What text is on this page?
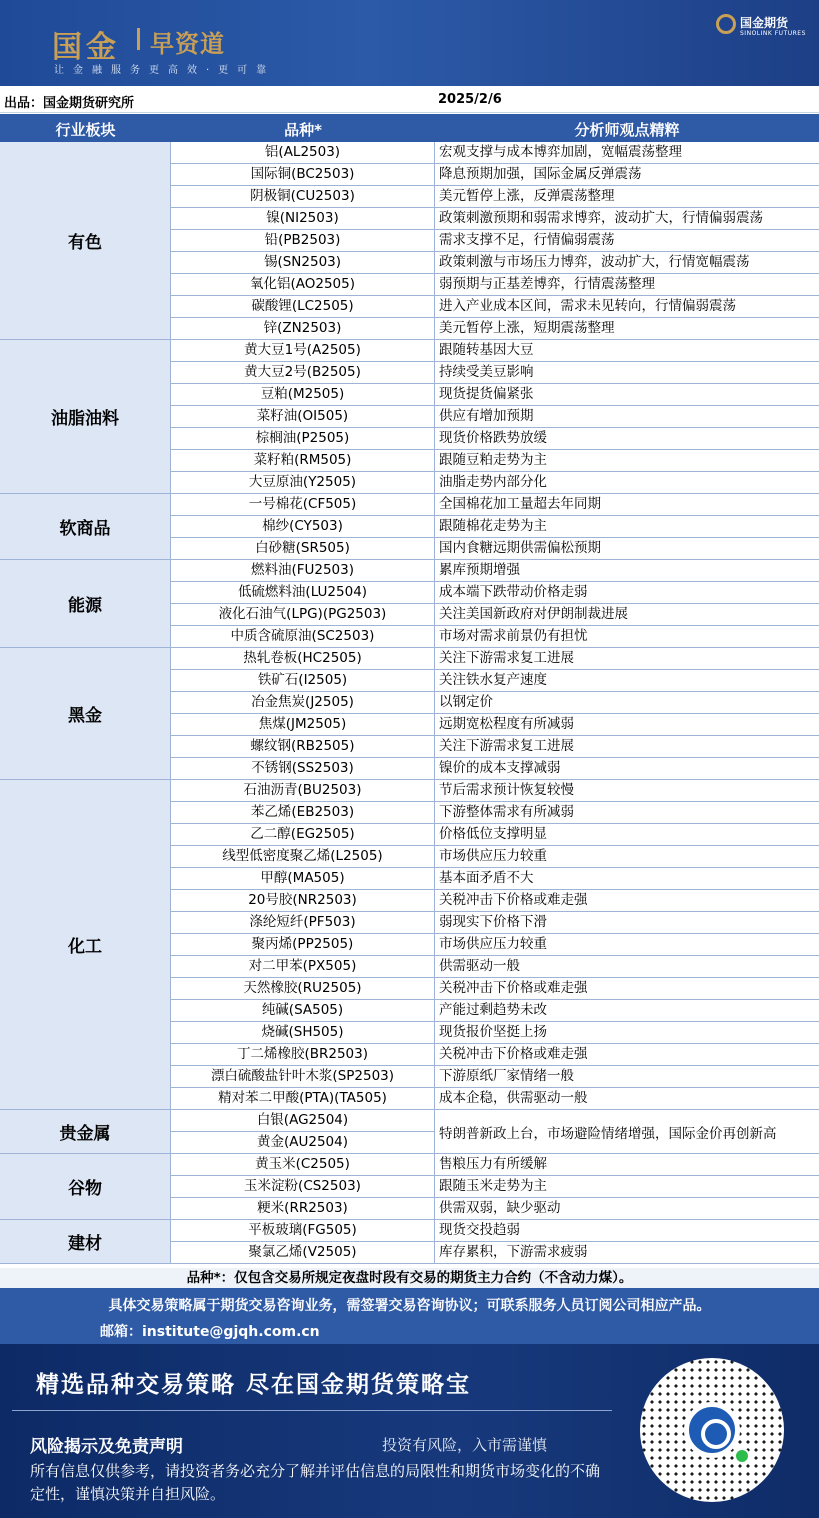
国金 早资道
让金融服务更高效·更可靠
国金期货
SINOLINK FUTURES
出品：国金期货研究所	2025/2/6
行业板块	品种*	分析师观点精粹
有色
铝(AL2503)	宏观支撑与成本博弈加剧，宽幅震荡整理
国际铜(BC2503)	降息预期加强，国际金属反弹震荡
阴极铜(CU2503)	美元暂停上涨，反弹震荡整理
镍(NI2503)	政策刺激预期和弱需求博弈，波动扩大，行情偏弱震荡
铅(PB2503)	需求支撑不足，行情偏弱震荡
锡(SN2503)	政策刺激与市场压力博弈，波动扩大，行情宽幅震荡
氧化铝(AO2505)	弱预期与正基差博弈，行情震荡整理
碳酸锂(LC2505)	进入产业成本区间，需求未见转向，行情偏弱震荡
锌(ZN2503)	美元暂停上涨，短期震荡整理
油脂油料
黄大豆1号(A2505)	跟随转基因大豆
黄大豆2号(B2505)	持续受美豆影响
豆粕(M2505)	现货提货偏紧张
菜籽油(OI505)	供应有增加预期
棕榈油(P2505)	现货价格跌势放缓
菜籽粕(RM505)	跟随豆粕走势为主
大豆原油(Y2505)	油脂走势内部分化
软商品
一号棉花(CF505)	全国棉花加工量超去年同期
棉纱(CY503)	跟随棉花走势为主
白砂糖(SR505)	国内食糖远期供需偏松预期
能源
燃料油(FU2503)	累库预期增强
低硫燃料油(LU2504)	成本端下跌带动价格走弱
液化石油气(LPG)(PG2503)	关注美国新政府对伊朗制裁进展
中质含硫原油(SC2503)	市场对需求前景仍有担忧
黑金
热轧卷板(HC2505)	关注下游需求复工进展
铁矿石(I2505)	关注铁水复产速度
冶金焦炭(J2505)	以钢定价
焦煤(JM2505)	远期宽松程度有所减弱
螺纹钢(RB2505)	关注下游需求复工进展
不锈钢(SS2503)	镍价的成本支撑减弱
化工
石油沥青(BU2503)	节后需求预计恢复较慢
苯乙烯(EB2503)	下游整体需求有所减弱
乙二醇(EG2505)	价格低位支撑明显
线型低密度聚乙烯(L2505)	市场供应压力较重
甲醇(MA505)	基本面矛盾不大
20号胶(NR2503)	关税冲击下价格或难走强
涤纶短纤(PF503)	弱现实下价格下滑
聚丙烯(PP2505)	市场供应压力较重
对二甲苯(PX505)	供需驱动一般
天然橡胶(RU2505)	关税冲击下价格或难走强
纯碱(SA505)	产能过剩趋势未改
烧碱(SH505)	现货报价坚挺上扬
丁二烯橡胶(BR2503)	关税冲击下价格或难走强
漂白硫酸盐针叶木浆(SP2503)	下游原纸厂家情绪一般
精对苯二甲酸(PTA)(TA505)	成本企稳，供需驱动一般
贵金属
白银(AG2504)
黄金(AU2504)
特朗普新政上台，市场避险情绪增强，国际金价再创新高
谷物
黄玉米(C2505)	售粮压力有所缓解
玉米淀粉(CS2503)	跟随玉米走势为主
粳米(RR2503)	供需双弱，缺少驱动
建材
平板玻璃(FG505)	现货交投趋弱
聚氯乙烯(V2505)	库存累积，下游需求疲弱
品种*：仅包含交易所规定夜盘时段有交易的期货主力合约（不含动力煤）。
具体交易策略属于期货交易咨询业务，需签署交易咨询协议；可联系服务人员订阅公司相应产品。
邮箱：institute@gjqh.com.cn
精选品种交易策略 尽在国金期货策略宝
风险揭示及免责声明	投资有风险，入市需谨慎
所有信息仅供参考，请投资者务必充分了解并评估信息的局限性和期货市场变化的不确定性，谨慎决策并自担风险。
